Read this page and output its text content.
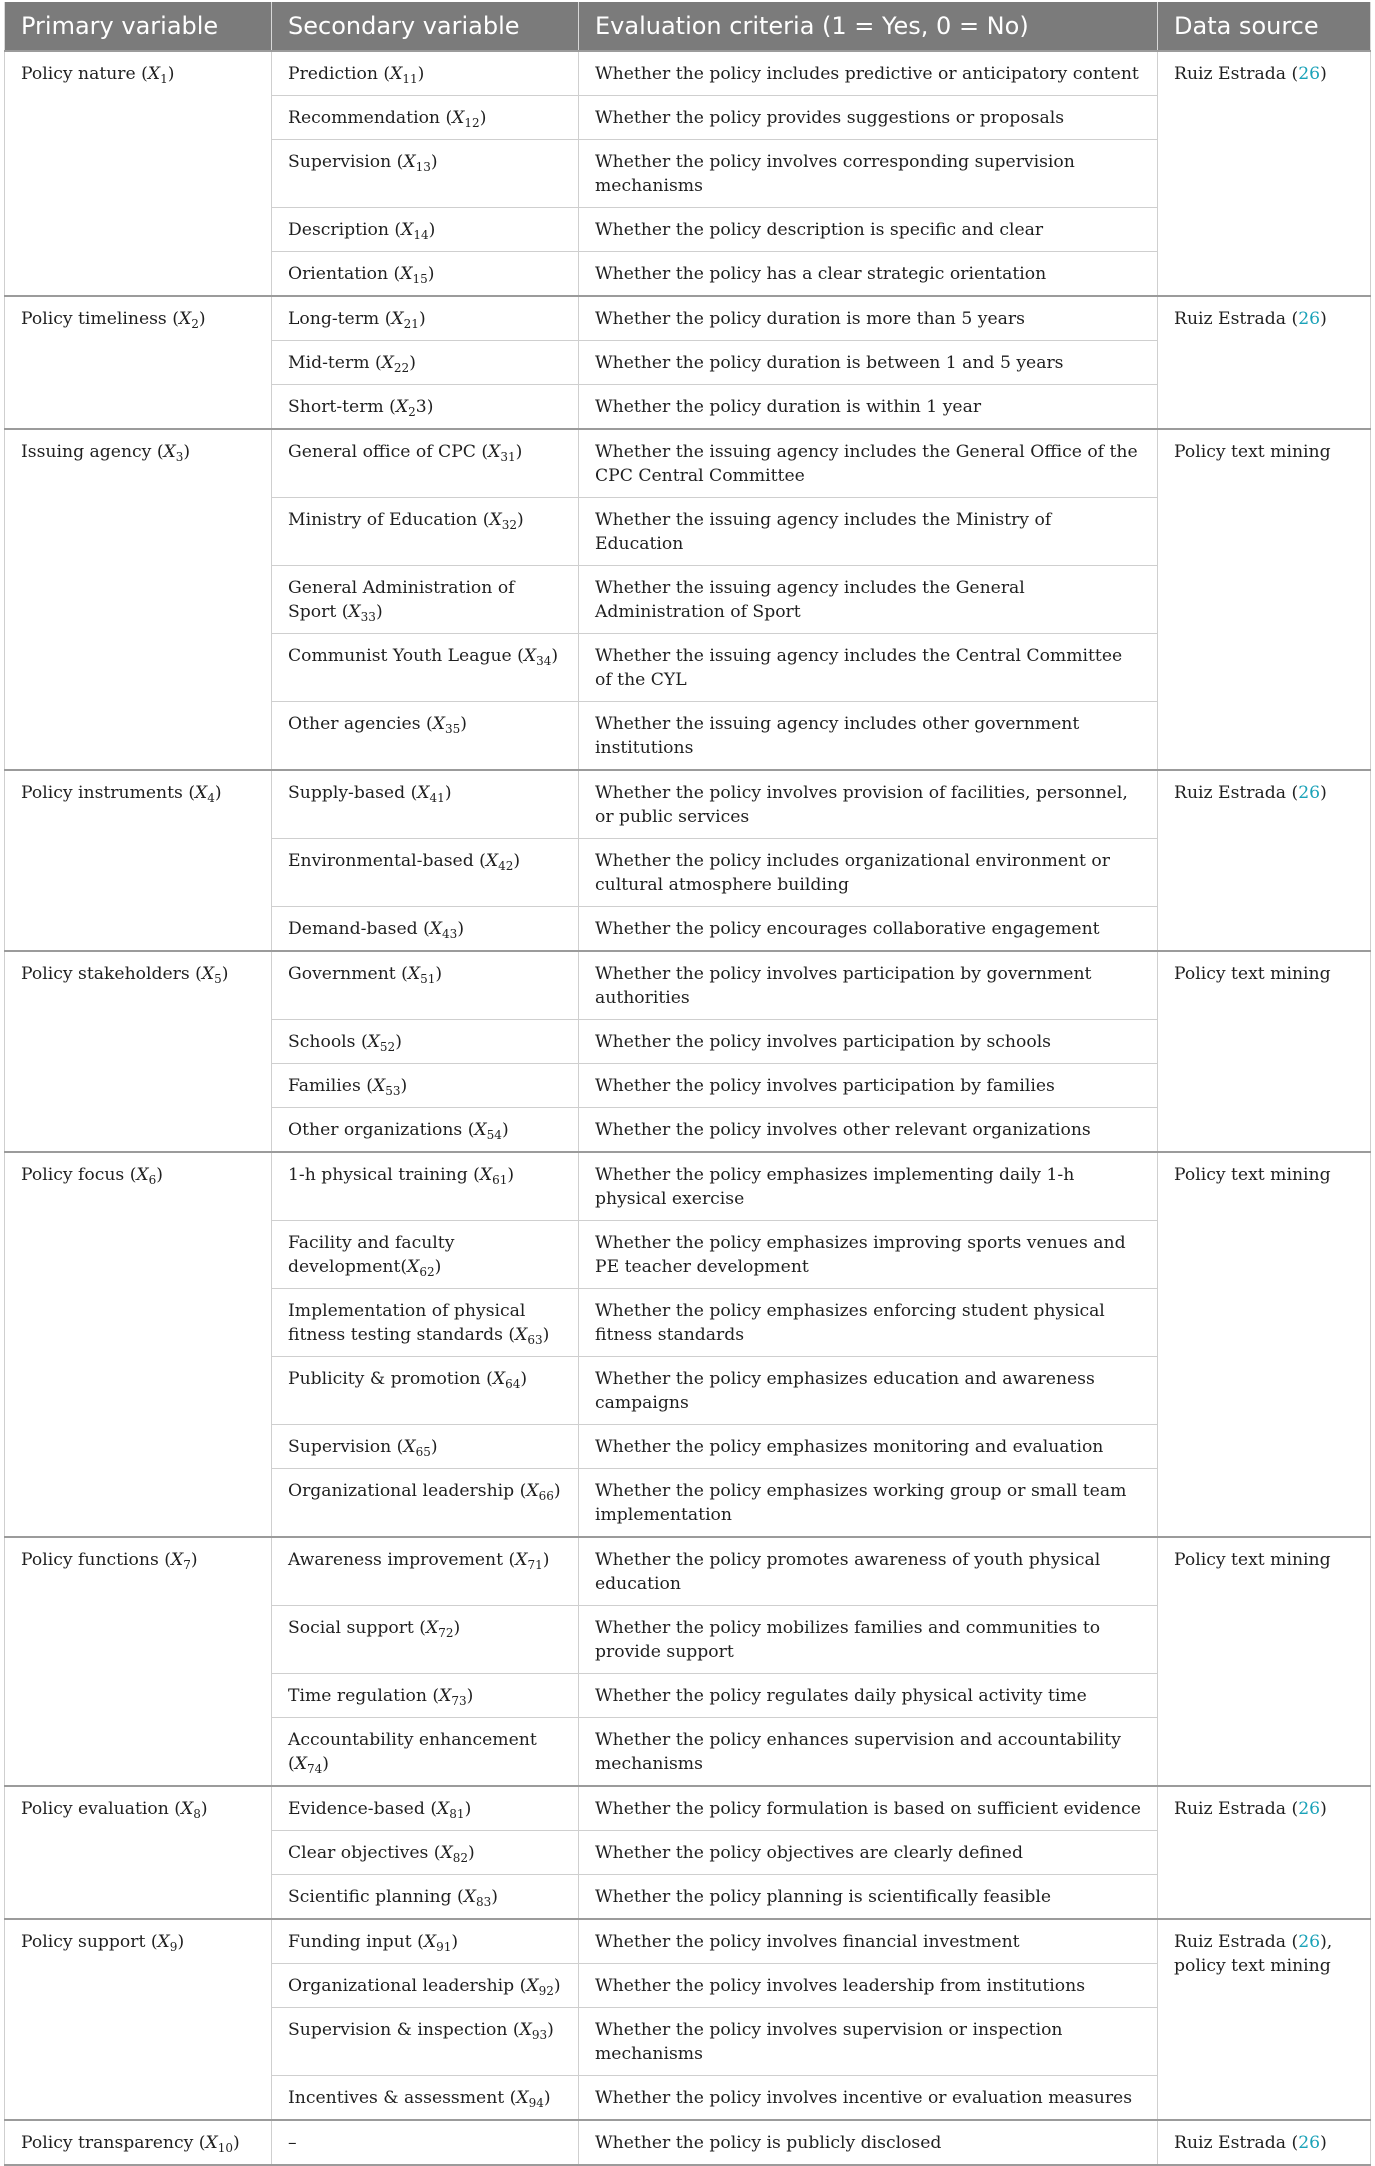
Primary variable	Secondary variable	Evaluation criteria (1 = Yes, 0 = No)	Data source
Policy nature $(X_1)$	Prediction $(X_{11})$	Whether the policy includes predictive or anticipatory content	Ruiz Estrada (26)
	Recommendation $(X_{12})$	Whether the policy provides suggestions or proposals	
	Supervision $(X_{13})$	Whether the policy involves corresponding supervision mechanisms	
	Description $(X_{14})$	Whether the policy description is specific and clear	
	Orientation $(X_{15})$	Whether the policy has a clear strategic orientation	
Policy timeliness $(X_2)$	Long-term $(X_{21})$	Whether the policy duration is more than 5 years	Ruiz Estrada (26)
	Mid-term $(X_{22})$	Whether the policy duration is between 1 and 5 years	
	Short-term $(X_23)$	Whether the policy duration is within 1 year	
Issuing agency $(X_3)$	General office of CPC $(X_{31})$	Whether the issuing agency includes the General Office of the CPC Central Committee	Policy text mining
	Ministry of Education $(X_{32})$	Whether the issuing agency includes the Ministry of Education	
	General Administration of Sport $(X_{33})$	Whether the issuing agency includes the General Administration of Sport	
	Communist Youth League $(X_{34})$	Whether the issuing agency includes the Central Committee of the CYL	
	Other agencies $(X_{35})$	Whether the issuing agency includes other government institutions	
Policy instruments $(X_4)$	Supply-based $(X_{41})$	Whether the policy involves provision of facilities, personnel, or public services	Ruiz Estrada (26)
	Environmental-based $(X_{42})$	Whether the policy includes organizational environment or cultural atmosphere building	
	Demand-based $(X_{43})$	Whether the policy encourages collaborative engagement	
Policy stakeholders $(X_5)$	Government $(X_{51})$	Whether the policy involves participation by government authorities	Policy text mining
	Schools $(X_{52})$	Whether the policy involves participation by schools	
	Families $(X_{53})$	Whether the policy involves participation by families	
	Other organizations $(X_{54})$	Whether the policy involves other relevant organizations	
Policy focus $(X_6)$	1-h physical training $(X_{61})$	Whether the policy emphasizes implementing daily 1-h physical exercise	Policy text mining
	Facility and faculty $development(X_{62})$	Whether the policy emphasizes improving sports venues and PE teacher development	
	Implementation of physical fitness testing standards $(X_{63})$	Whether the policy emphasizes enforcing student physical fitness standards	
	Publicity & promotion $(X_{64})$	Whether the policy emphasizes education and awareness campaigns	
	Supervision $(X_{65})$	Whether the policy emphasizes monitoring and evaluation	
	Organizational leadership $(X_{66})$	Whether the policy emphasizes working group or small team implementation	
Policy functions $(X_7)$	Awareness improvement $(X_{71})$	Whether the policy promotes awareness of youth physical education	Policy text mining
	Social support $(X_{72})$	Whether the policy mobilizes families and communities to provide support	
	Time regulation $(X_{73})$	Whether the policy regulates daily physical activity time	
	Accountability enhancement $(X_{74})$	Whether the policy enhances supervision and accountability mechanisms	
Policy evaluation $(X_8)$	Evidence-based $(X_{81})$	Whether the policy formulation is based on sufficient evidence	Ruiz Estrada (26)
	Clear objectives $(X_{82})$	Whether the policy objectives are clearly defined	
	Scientific planning $(X_{83})$	Whether the policy planning is scientifically feasible	
Policy support $(X_9)$	Funding input $(X_{91})$	Whether the policy involves financial investment	Ruiz Estrada (26),
policy text mining
	Organizational leadership $(X_{92})$	Whether the policy involves leadership from institutions	
	Supervision & inspection $(X_{93})$	Whether the policy involves supervision or inspection mechanisms	
	Incentives & assessment $(X_{94})$	Whether the policy involves incentive or evaluation measures	
Policy transparency $(X_{10})$	–	Whether the policy is publicly disclosed	Ruiz Estrada (26)
